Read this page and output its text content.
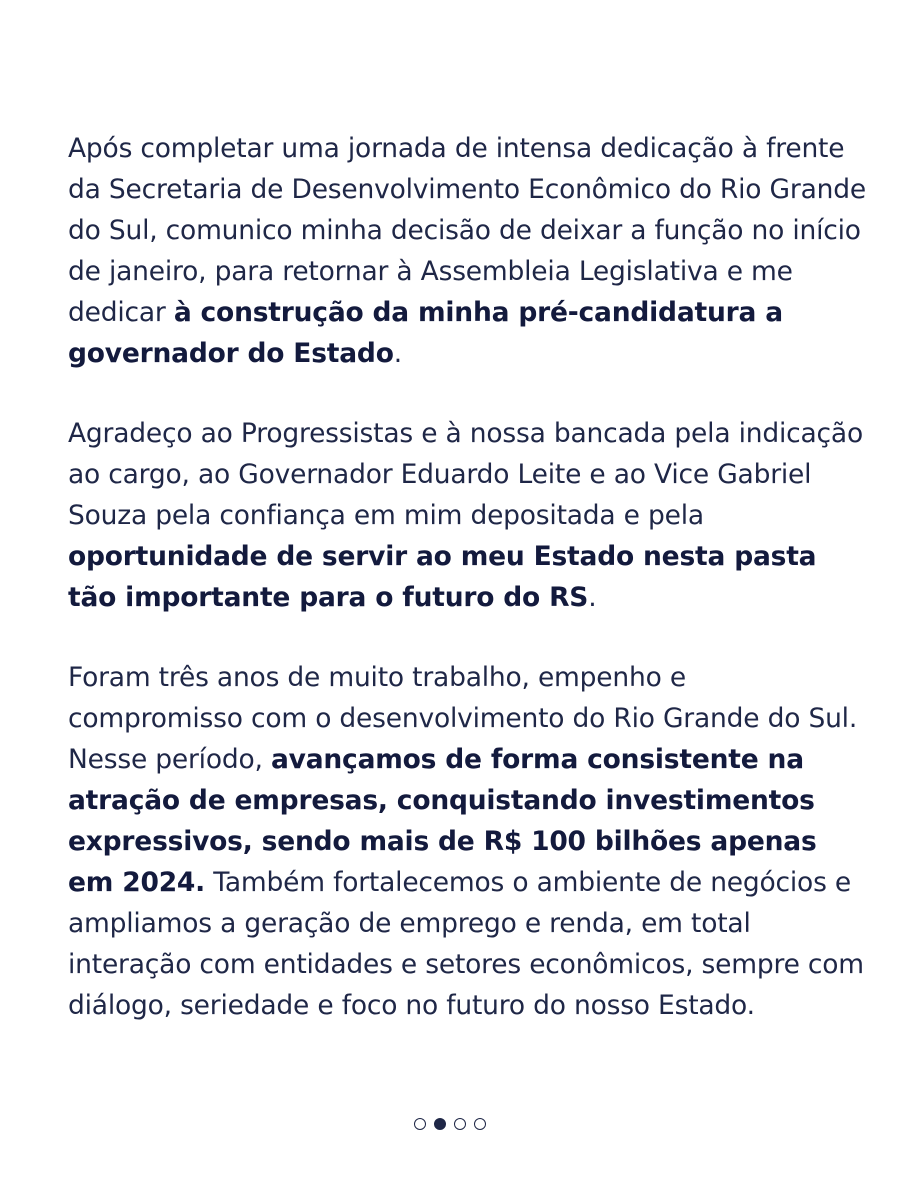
Após completar uma jornada de intensa dedicação à frente da Secretaria de Desenvolvimento Econômico do Rio Grande do Sul, comunico minha decisão de deixar a função no início de janeiro, para retornar à Assembleia Legislativa e me dedicar à construção da minha pré-candidatura a governador do Estado.

Agradeço ao Progressistas e à nossa bancada pela indicação ao cargo, ao Governador Eduardo Leite e ao Vice Gabriel Souza pela confiança em mim depositada e pela oportunidade de servir ao meu Estado nesta pasta tão importante para o futuro do RS.

Foram três anos de muito trabalho, empenho e compromisso com o desenvolvimento do Rio Grande do Sul. Nesse período, avançamos de forma consistente na atração de empresas, conquistando investimentos expressivos, sendo mais de R$ 100 bilhões apenas em 2024. Também fortalecemos o ambiente de negócios e ampliamos a geração de emprego e renda, em total interação com entidades e setores econômicos, sempre com diálogo, seriedade e foco no futuro do nosso Estado.
